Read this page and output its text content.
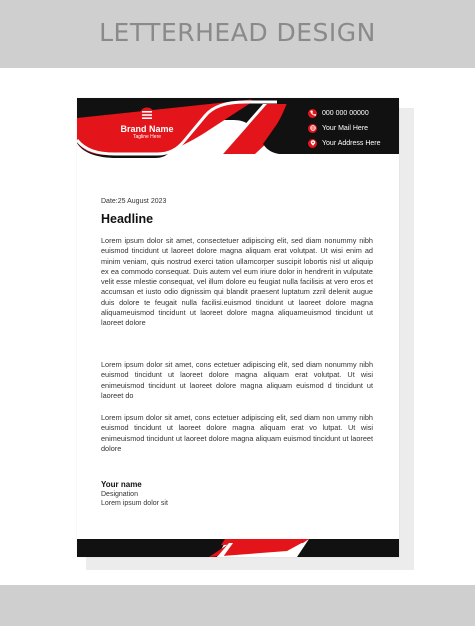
LETTERHEAD DESIGN
Brand Name
Tagline Here
000 000 00000
Your Mail Here
Your Address Here
Date:25 August 2023
Headline

Lorem ipsum dolor sit amet, consectetuer adipiscing elit, sed diam nonummy nibh euismod tincidunt ut laoreet dolore magna aliquam erat volutpat. Ut wisi enim ad minim veniam, quis nostrud exerci tation ullamcorper suscipit lobortis nisl ut aliquip ex ea commodo consequat. Duis autem vel eum iriure dolor in hendrerit in vulputate velit esse mlestie consequat, vel illum dolore eu feugiat nulla facilisis at vero eros et accumsan et iusto odio dignissim qui blandit praesent luptatum zzril delenit augue duis dolore te feugait nulla facilisi.euismod tincidunt ut laoreet dolore magna aliquameuismod tincidunt ut laoreet dolore magna aliquameuismod tincidunt ut laoreet dolore

Lorem ipsum dolor sit amet, cons ectetuer adipiscing elit, sed diam nonummy nibh euismod tincidunt ut laoreet dolore magna aliquam erat volutpat. Ut wisi enimeuismod tincidunt ut laoreet dolore magna aliquam euismod d tincidunt ut laoreet do

Lorem ipsum dolor sit amet, cons ectetuer adipiscing elit, sed diam non ummy nibh euismod tincidunt ut laoreet dolore magna aliquam erat vo lutpat. Ut wisi enimeuismod tincidunt ut laoreet dolore magna aliquam euismod tincidunt ut laoreet dolore

Your name
Designation
Lorem ipsum dolor sit
